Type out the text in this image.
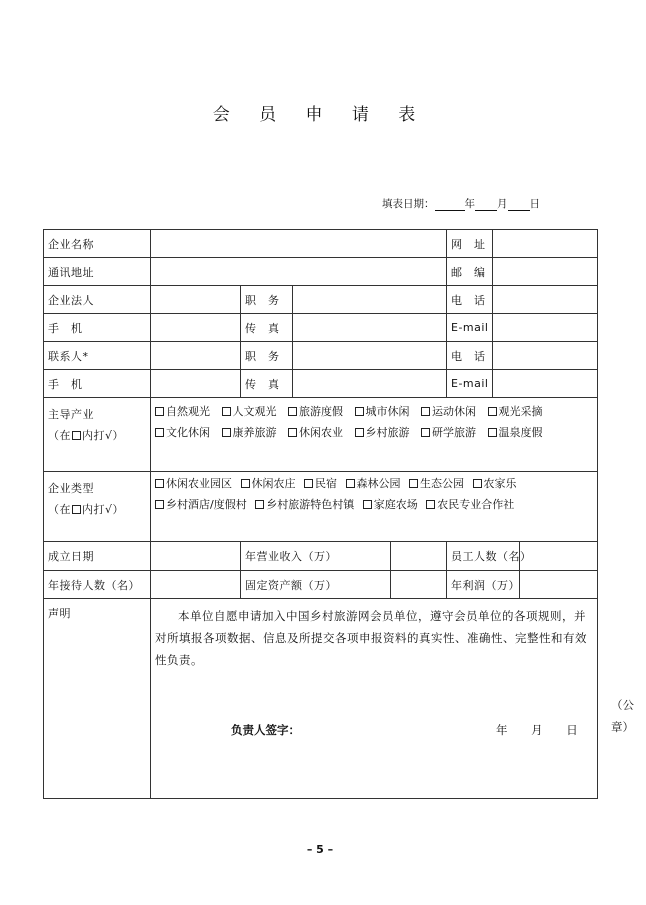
会 员 申 请 表
填表日期：	年 月 日
企业名称					网　址		
通讯地址					邮　编		
企业法人		职　务			电　话		
手　机		传　真			E-mail		
联系人*		职　务			电　话		
手　机		传　真			E-mail		

主导产业
（在 内打√）	自然观光 人文观光 旅游度假 城市休闲 运动休闲 观光采摘 文化休闲 康养旅游 休闲农业 乡村旅游 研学旅游 温泉度假						

企业类型
（在 内打√）	休闲农业园区 休闲农庄 民宿 森林公园 生态公园 农家乐 乡村酒店/度假村 乡村旅游特色村镇 家庭农场 农民专业合作社						

成立日期		年营业收入（万）			员工人数（名）		
年接待人数（名）		固定资产额（万）			年利润（万）		
声明	本单位自愿申请加入中国乡村旅游网会员单位，遵守会员单位的各项规则，并对所填报各项数据、信息及所提交各项申报资料的真实性、准确性、完整性和有效性负责。

（公　章）
负责人签字： 年 月 日						
– 5 –
